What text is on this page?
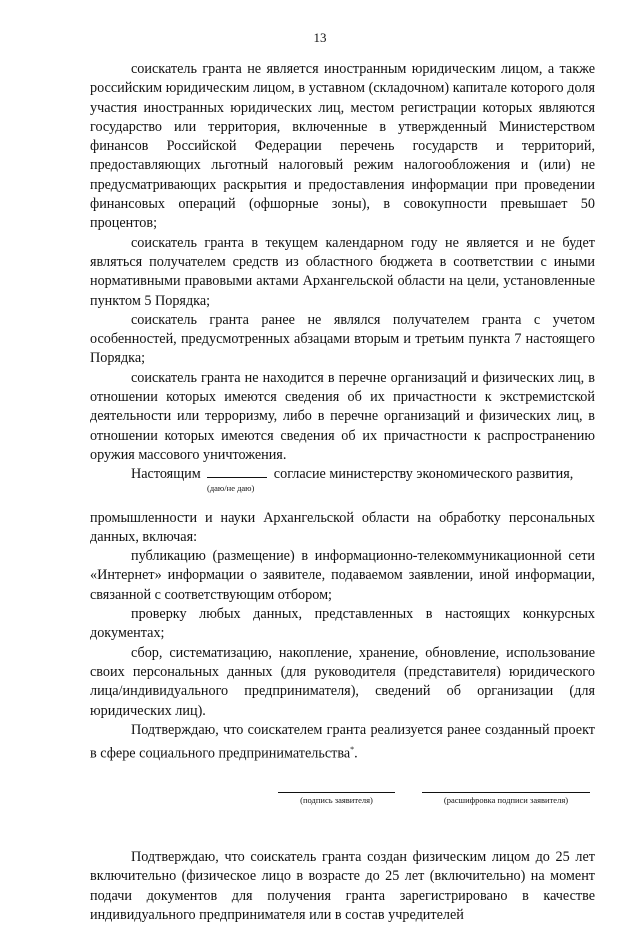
13

соискатель гранта не является иностранным юридическим лицом, а также российским юридическим лицом, в уставном (складочном) капитале которого доля участия иностранных юридических лиц, местом регистрации которых являются государство или территория, включенные в утвержденный Министерством финансов Российской Федерации перечень государств и территорий, предоставляющих льготный налоговый режим налогообложения и (или) не предусматривающих раскрытия и предоставления информации при проведении финансовых операций (офшорные зоны), в совокупности превышает 50 процентов;

соискатель гранта в текущем календарном году не является и не будет являться получателем средств из областного бюджета в соответствии с иными нормативными правовыми актами Архангельской области на цели, установленные пунктом 5 Порядка;

соискатель гранта ранее не являлся получателем гранта с учетом особенностей, предусмотренных абзацами вторым и третьим пункта 7 настоящего Порядка;

соискатель гранта не находится в перечне организаций и физических лиц, в отношении которых имеются сведения об их причастности к экстремистской деятельности или терроризму, либо в перечне организаций и физических лиц, в отношении которых имеются сведения об их причастности к распространению оружия массового уничтожения.

Настоящим	согласие министерству экономического развития,

(даю/не даю)

промышленности и науки Архангельской области на обработку персональных данных, включая:

публикацию (размещение) в информационно-телекоммуникационной сети «Интернет» информации о заявителе, подаваемом заявлении, иной информации, связанной с соответствующим отбором;

проверку любых данных, представленных в настоящих конкурсных документах;

сбор, систематизацию, накопление, хранение, обновление, использование своих персональных данных (для руководителя (представителя) юридического лица/индивидуального предпринимателя), сведений об организации (для юридических лиц).

Подтверждаю, что соискателем гранта реализуется ранее созданный проект в сфере социального предпринимательства*.

(подпись заявителя)	(расшифровка подписи заявителя)

Подтверждаю, что соискатель гранта создан физическим лицом до 25 лет включительно (физическое лицо в возрасте до 25 лет (включительно) на момент подачи документов для получения гранта зарегистрировано в качестве индивидуального предпринимателя или в состав учредителей
